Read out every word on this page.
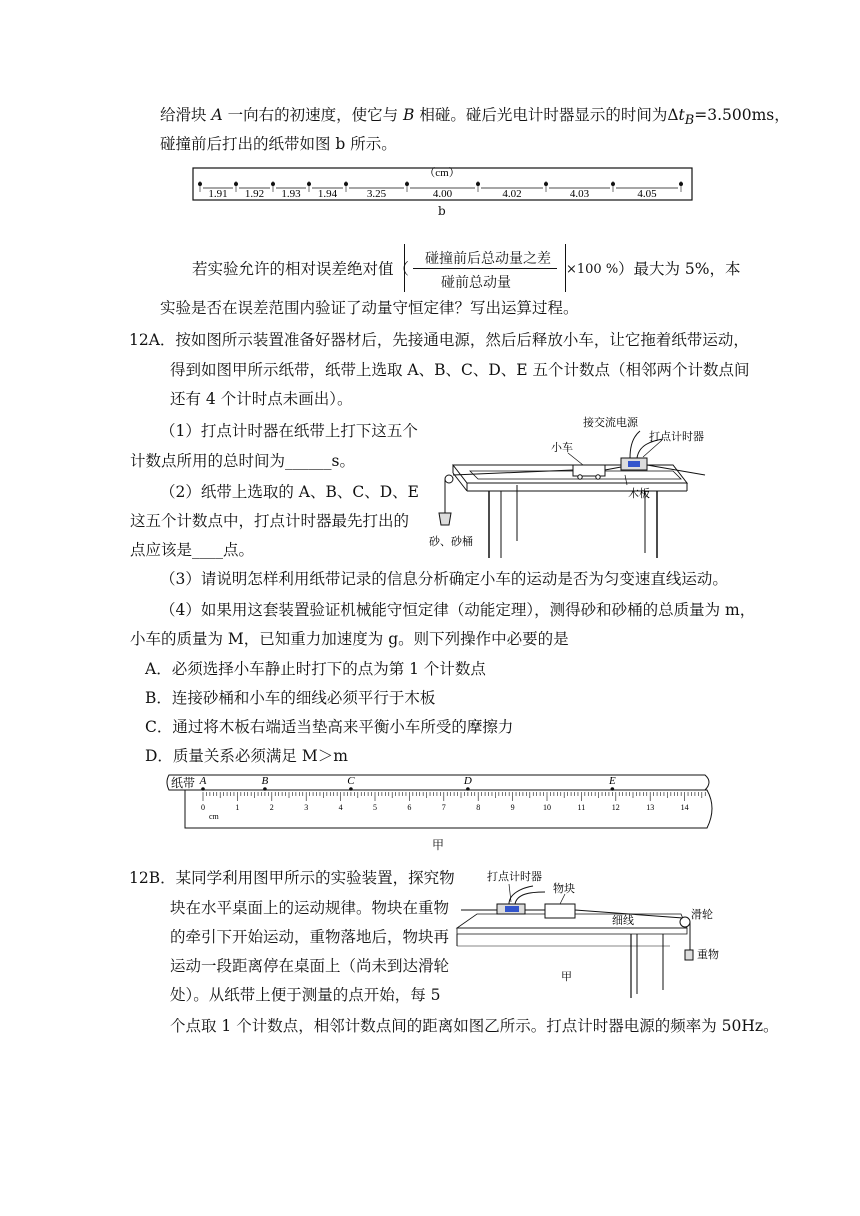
给滑块 A 一向右的初速度，使它与 B 相碰。碰后光电计时器显示的时间为$\Delta t_B=3.500ms$，
碰撞前后打出的纸带如图 b 所示。
（cm）
1.91 1.92 1.93 1.94	3.25	4.00	4.02	4.03	4.05
b
若实验允许的相对误差绝对值（
碰撞前后总动量之差
碰前总动量
×100 % ）最大为 5%，本
实验是否在误差范围内验证了动量守恒定律？写出运算过程。
12A．按如图所示装置准备好器材后，先接通电源，然后后释放小车，让它拖着纸带运动，
得到如图甲所示纸带，纸带上选取 A、B、C、D、E 五个计数点（相邻两个计数点间
还有 4 个计时点未画出）。
（1）打点计时器在纸带上打下这五个
计数点所用的总时间为______s。
（2）纸带上选取的 A、B、C、D、E
这五个计数点中，打点计时器最先打出的
点应该是____点。
（3）请说明怎样利用纸带记录的信息分析确定小车的运动是否为匀变速直线运动。
（4）如果用这套装置验证机械能守恒定律（动能定理），测得砂和砂桶的总质量为 m，
小车的质量为 M，已知重力加速度为 g。则下列操作中必要的是
A．必须选择小车静止时打下的点为第 1 个计数点
B．连接砂桶和小车的细线必须平行于木板
C．通过将木板右端适当垫高来平衡小车所受的摩擦力
D．质量关系必须满足 M＞m
接交流电源
打点计时器
小车
木板
砂、砂桶
纸带
0	1	2	3	4	5	6	7	8	9	10	11	12	13	14
A	B	C	D	E
cm
甲
12B．某同学利用图甲所示的实验装置，探究物
块在水平桌面上的运动规律。物块在重物
的牵引下开始运动，重物落地后，物块再
运动一段距离停在桌面上（尚未到达滑轮
处）。从纸带上便于测量的点开始，每 5
个点取 1 个计数点，相邻计数点间的距离如图乙所示。打点计时器电源的频率为 50Hz。
打点计时器
物块
细线	滑轮
重物
甲
